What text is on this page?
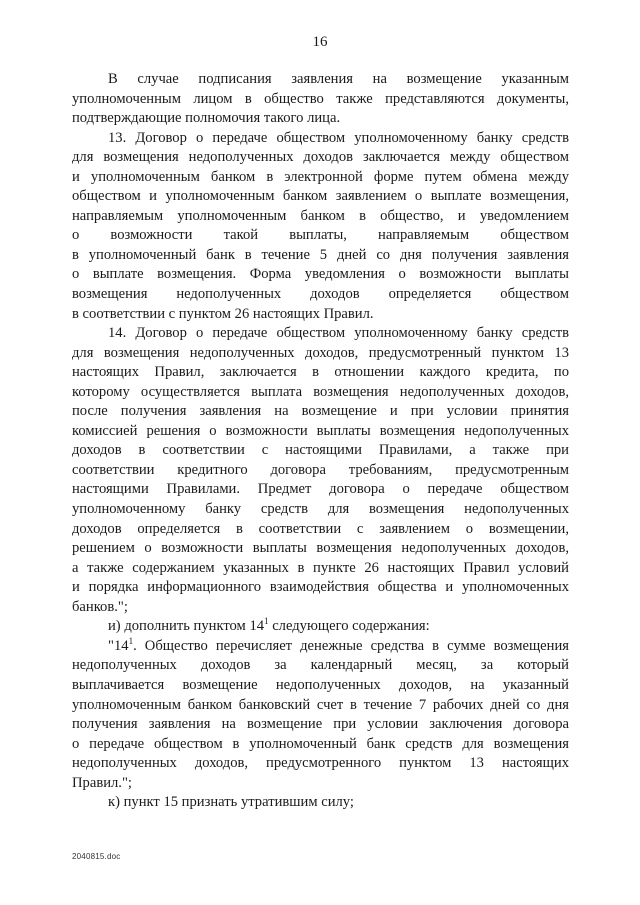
16

В случае подписания заявления на возмещение указанным
уполномоченным лицом в общество также представляются документы,
подтверждающие полномочия такого лица.

13. Договор о передаче обществом уполномоченному банку средств
для возмещения недополученных доходов заключается между обществом
и уполномоченным банком в электронной форме путем обмена между
обществом и уполномоченным банком заявлением о выплате возмещения,
направляемым уполномоченным банком в общество, и уведомлением
о возможности такой выплаты, направляемым обществом
в уполномоченный банк в течение 5 дней со дня получения заявления
о выплате возмещения. Форма уведомления о возможности выплаты
возмещения недополученных доходов определяется обществом
в соответствии с пунктом 26 настоящих Правил.

14. Договор о передаче обществом уполномоченному банку средств
для возмещения недополученных доходов, предусмотренный пунктом 13
настоящих Правил, заключается в отношении каждого кредита, по
которому осуществляется выплата возмещения недополученных доходов,
после получения заявления на возмещение и при условии принятия
комиссией решения о возможности выплаты возмещения недополученных
доходов в соответствии с настоящими Правилами, а также при
соответствии кредитного договора требованиям, предусмотренным
настоящими Правилами. Предмет договора о передаче обществом
уполномоченному банку средств для возмещения недополученных
доходов определяется в соответствии с заявлением о возмещении,
решением о возможности выплаты возмещения недополученных доходов,
а также содержанием указанных в пункте 26 настоящих Правил условий
и порядка информационного взаимодействия общества и уполномоченных
банков.";

и) дополнить пунктом $14^1$ следующего содержания:

"$14^1$. Общество перечисляет денежные средства в сумме возмещения
недополученных доходов за календарный месяц, за который
выплачивается возмещение недополученных доходов, на указанный
уполномоченным банком банковский счет в течение 7 рабочих дней со дня
получения заявления на возмещение при условии заключения договора
о передаче обществом в уполномоченный банк средств для возмещения
недополученных доходов, предусмотренного пунктом 13 настоящих
Правил.";

к) пункт 15 признать утратившим силу;

2040815.doc
